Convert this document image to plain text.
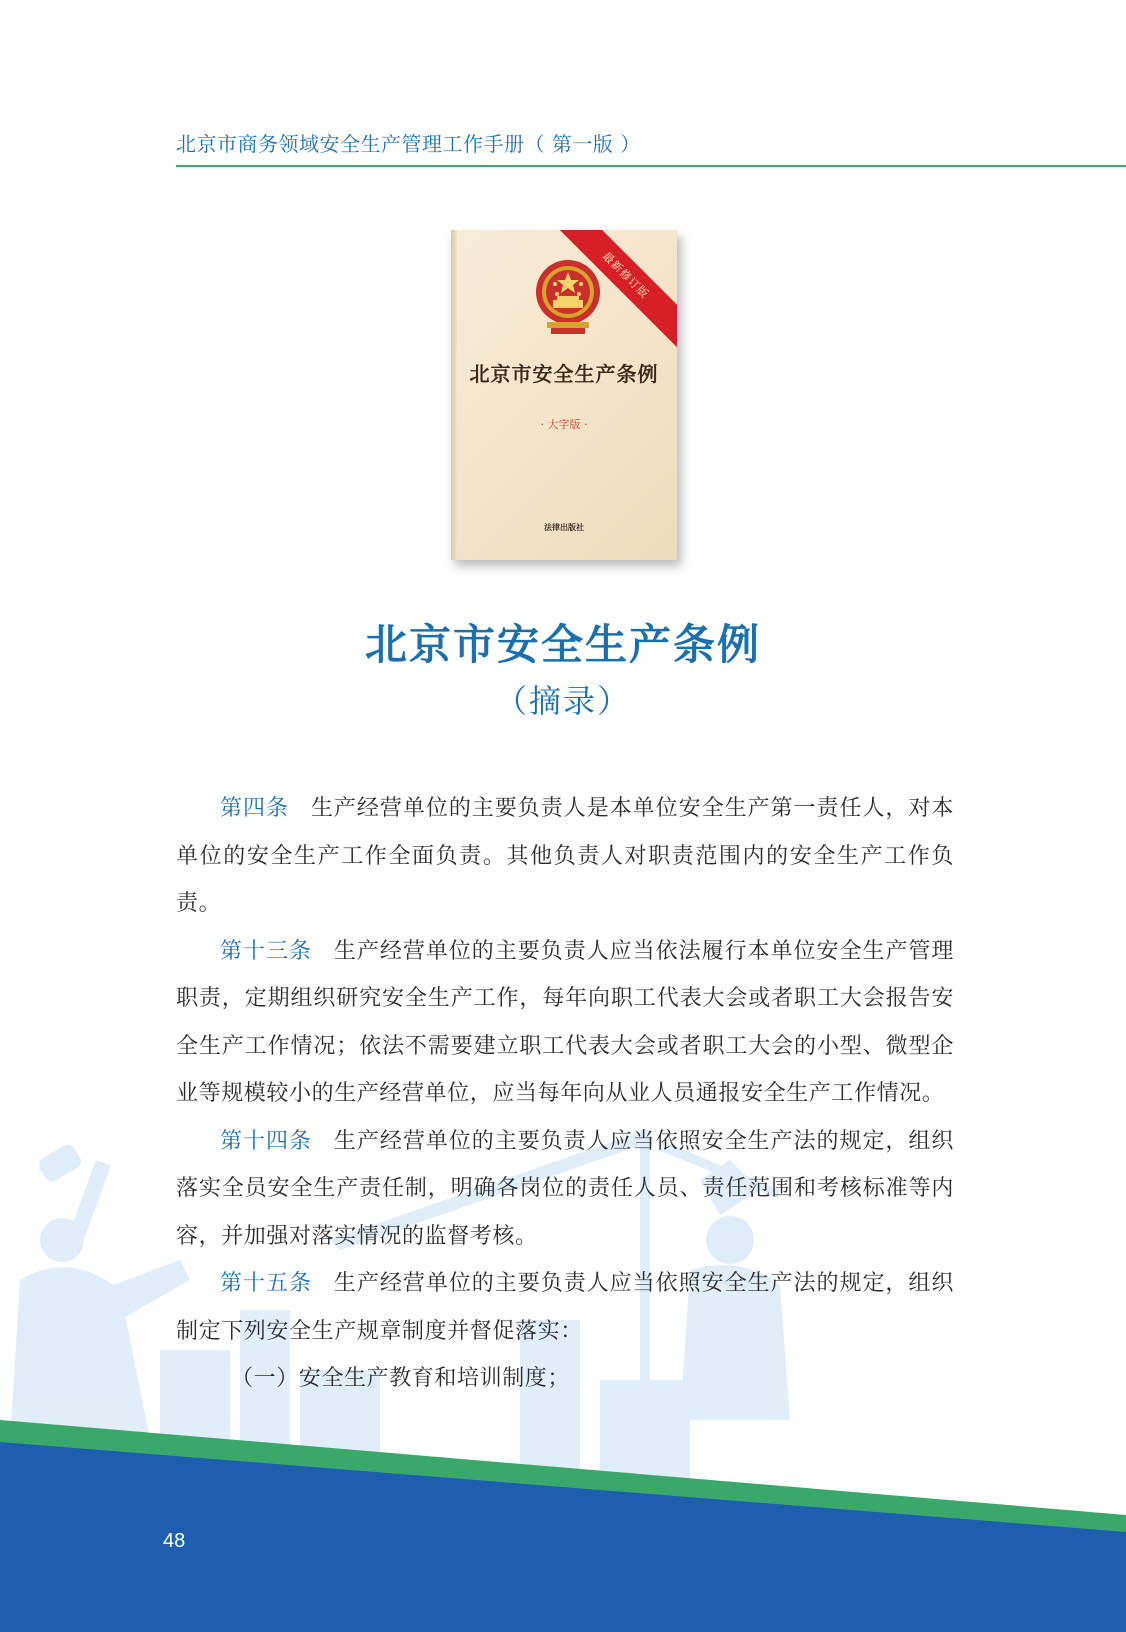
北京市商务领域安全生产管理工作手册（ 第一版 ）
最新修订版
北京市安全生产条例
· 大字版 ·
法律出版社
北京市安全生产条例
（摘录）

第四条 生产经营单位的主要负责人是本单位安全生产第一责任人，对本单位的安全生产工作全面负责。其他负责人对职责范围内的安全生产工作负责。

第十三条 生产经营单位的主要负责人应当依法履行本单位安全生产管理职责，定期组织研究安全生产工作，每年向职工代表大会或者职工大会报告安全生产工作情况；依法不需要建立职工代表大会或者职工大会的小型、微型企业等规模较小的生产经营单位，应当每年向从业人员通报安全生产工作情况。

第十四条 生产经营单位的主要负责人应当依照安全生产法的规定，组织落实全员安全生产责任制，明确各岗位的责任人员、责任范围和考核标准等内容，并加强对落实情况的监督考核。

第十五条 生产经营单位的主要负责人应当依照安全生产法的规定，组织制定下列安全生产规章制度并督促落实：

（一）安全生产教育和培训制度；

48
